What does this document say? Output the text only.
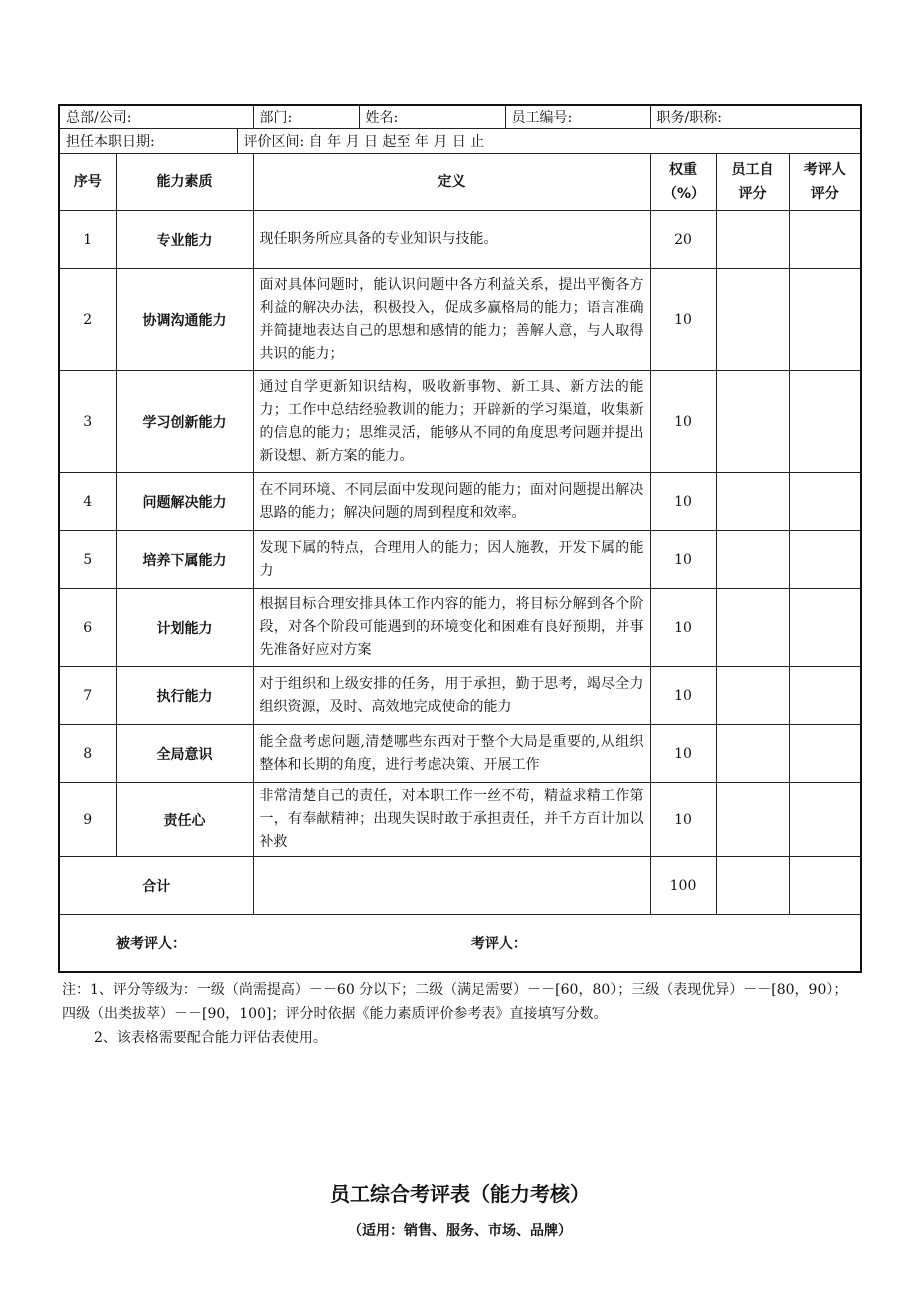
总部/公司:			部门:	姓名:	员工编号:	职务/职称:		
担任本职日期:		评价区间: 自 年 月 日 起至 年 月 日 止						
序号	能力素质		定义			权重（%）	员工自评分	考评人评分

1	专业能力		现任职务所应具备的专业知识与技能。			20		
2	协调沟通能力		面对具体问题时，能认识问题中各方利益关系，提出平衡各方利益的解决办法，积极投入，促成多赢格局的能力；语言准确并简捷地表达自己的思想和感情的能力；善解人意，与人取得共识的能力；			10		
3	学习创新能力		通过自学更新知识结构，吸收新事物、新工具、新方法的能力；工作中总结经验教训的能力；开辟新的学习渠道，收集新的信息的能力；思维灵活，能够从不同的角度思考问题并提出新设想、新方案的能力。			10		
4	问题解决能力		在不同环境、不同层面中发现问题的能力；面对问题提出解决思路的能力；解决问题的周到程度和效率。			10		
5	培养下属能力		发现下属的特点，合理用人的能力；因人施教，开发下属的能力			10		
6	计划能力		根据目标合理安排具体工作内容的能力，将目标分解到各个阶段，对各个阶段可能遇到的环境变化和困难有良好预期，并事先准备好应对方案			10		
7	执行能力		对于组织和上级安排的任务，用于承担，勤于思考，竭尽全力组织资源，及时、高效地完成使命的能力			10		
8	全局意识		能全盘考虑问题,清楚哪些东西对于整个大局是重要的,从组织整体和长期的角度，进行考虑决策、开展工作			10		
9	责任心		非常清楚自己的责任，对本职工作一丝不苟，精益求精工作第一，有奉献精神；出现失误时敢于承担责任，并千方百计加以补救			10		
合计						100		
被考评人： 考评人：								

注：1、评分等级为：一级（尚需提高）－－60 分以下；二级（满足需要）－－[60，80）；三级（表现优异）－－[80，90）；四级（出类拔萃）－－[90，100]；评分时依据《能力素质评价参考表》直接填写分数。

2、该表格需要配合能力评估表使用。

员工综合考评表（能力考核）
（适用：销售、服务、市场、品牌）
